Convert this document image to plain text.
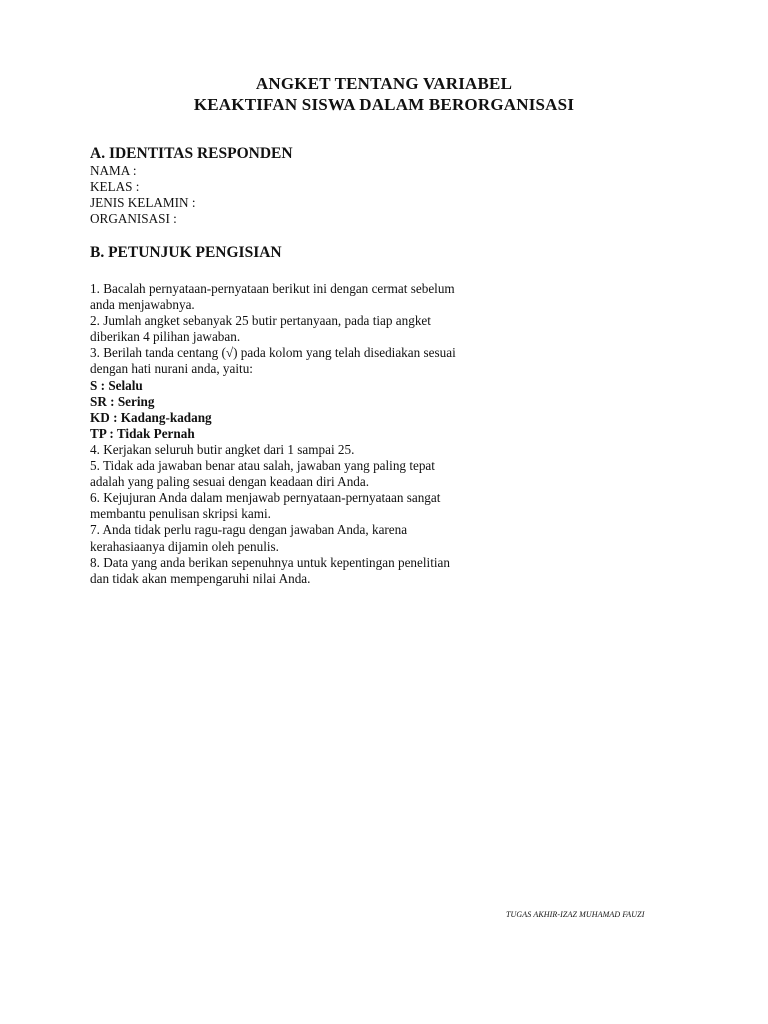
ANGKET TENTANG VARIABEL
KEAKTIFAN SISWA DALAM BERORGANISASI
A. IDENTITAS RESPONDEN
NAMA :
KELAS :
JENIS KELAMIN :
ORGANISASI :
B. PETUNJUK PENGISIAN
1. Bacalah pernyataan-pernyataan berikut ini dengan cermat sebelum
anda menjawabnya.
2. Jumlah angket sebanyak 25 butir pertanyaan, pada tiap angket
diberikan 4 pilihan jawaban.
3. Berilah tanda centang (√) pada kolom yang telah disediakan sesuai
dengan hati nurani anda, yaitu:
S : Selalu
SR : Sering
KD : Kadang-kadang
TP : Tidak Pernah
4. Kerjakan seluruh butir angket dari 1 sampai 25.
5. Tidak ada jawaban benar atau salah, jawaban yang paling tepat
adalah yang paling sesuai dengan keadaan diri Anda.
6. Kejujuran Anda dalam menjawab pernyataan-pernyataan sangat
membantu penulisan skripsi kami.
7. Anda tidak perlu ragu-ragu dengan jawaban Anda, karena
kerahasiaanya dijamin oleh penulis.
8. Data yang anda berikan sepenuhnya untuk kepentingan penelitian
dan tidak akan mempengaruhi nilai Anda.
TUGAS AKHIR-IZAZ MUHAMAD FAUZI
